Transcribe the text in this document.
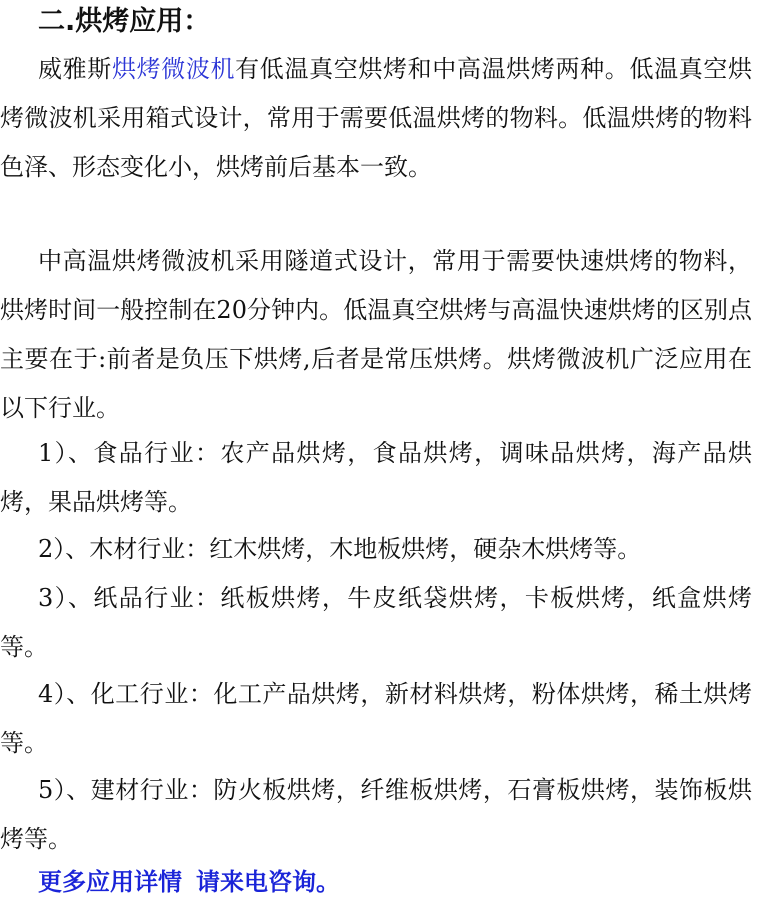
二.烘烤应用：

威雅斯烘烤微波机有低温真空烘烤和中高温烘烤两种。低温真空烘烤微波机采用箱式设计，常用于需要低温烘烤的物料。低温烘烤的物料色泽、形态变化小，烘烤前后基本一致。

中高温烘烤微波机采用隧道式设计，常用于需要快速烘烤的物料，烘烤时间一般控制在20分钟内。低温真空烘烤与高温快速烘烤的区别点主要在于:前者是负压下烘烤,后者是常压烘烤。烘烤微波机广泛应用在以下行业。

1）、食品行业：农产品烘烤，食品烘烤，调味品烘烤，海产品烘烤，果品烘烤等。

2）、木材行业：红木烘烤，木地板烘烤，硬杂木烘烤等。

3）、纸品行业：纸板烘烤，牛皮纸袋烘烤，卡板烘烤，纸盒烘烤等。

4）、化工行业：化工产品烘烤，新材料烘烤，粉体烘烤，稀土烘烤等。

5）、建材行业：防火板烘烤，纤维板烘烤，石膏板烘烤，装饰板烘烤等。

更多应用详情 请来电咨询。
